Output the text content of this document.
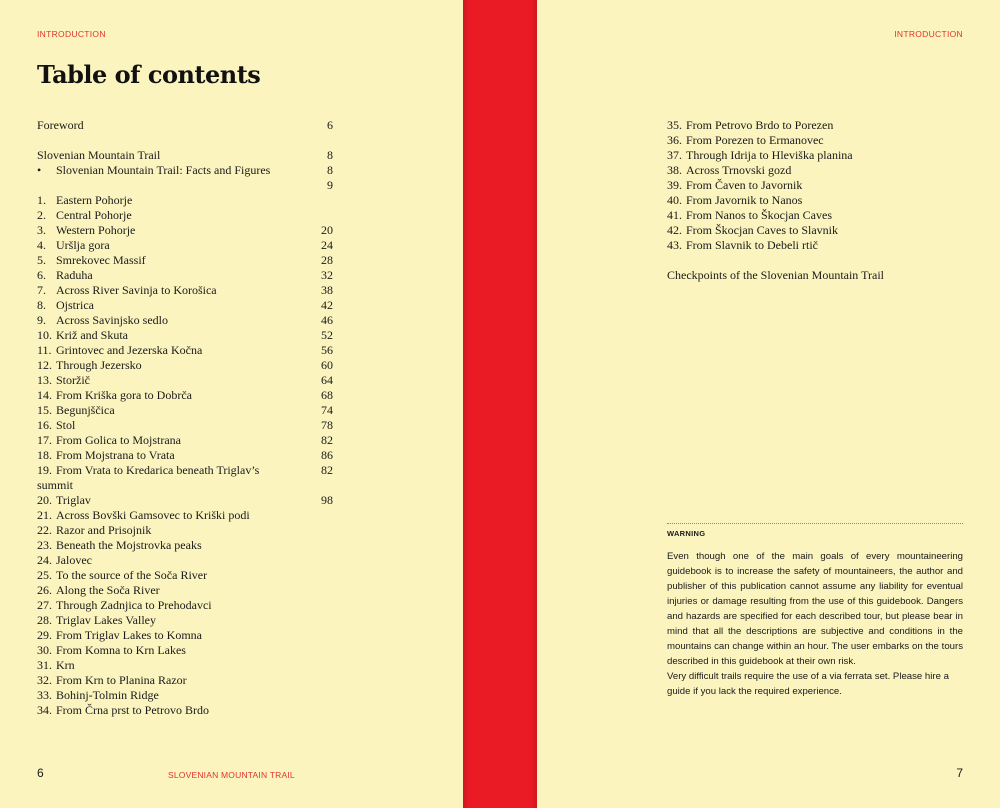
INTRODUCTION
Table of contents
Foreword	6
Slovenian Mountain Trail	8
• Slovenian Mountain Trail: Facts and Figures	8
9
1. Eastern Pohorje
2. Central Pohorje
3. Western Pohorje	20
4. Uršlja gora	24
5. Smrekovec Massif	28
6. Raduha	32
7. Across River Savinja to Korošica	38
8. Ojstrica	42
9. Across Savinjsko sedlo	46
10. Križ and Skuta	52
11. Grintovec and Jezerska Kočna	56
12. Through Jezersko	60
13. Storžič	64
14. From Kriška gora to Dobrča	68
15. Begunjščica	74
16. Stol	78
17. From Golica to Mojstrana	82
18. From Mojstrana to Vrata	86
19. From Vrata to Kredarica beneath Triglav’s	82
summit
20. Triglav	98
21. Across Bovški Gamsovec to Kriški podi
22. Razor and Prisojnik
23. Beneath the Mojstrovka peaks
24. Jalovec
25. To the source of the Soča River
26. Along the Soča River
27. Through Zadnjica to Prehodavci
28. Triglav Lakes Valley
29. From Triglav Lakes to Komna
30. From Komna to Krn Lakes
31. Krn
32. From Krn to Planina Razor
33. Bohinj-Tolmin Ridge
34. From Črna prst to Petrovo Brdo
6	SLOVENIAN MOUNTAIN TRAIL
INTRODUCTION
35. From Petrovo Brdo to Porezen
36. From Porezen to Ermanovec
37. Through Idrija to Hleviška planina
38. Across Trnovski gozd
39. From Čaven to Javornik
40. From Javornik to Nanos
41. From Nanos to Škocjan Caves
42. From Škocjan Caves to Slavnik
43. From Slavnik to Debeli rtič
Checkpoints of the Slovenian Mountain Trail
WARNING

Even though one of the main goals of every mountaineering guidebook is to increase the safety of mountaineers, the author and publisher of this publication cannot assume any liability for eventual injuries or damage resulting from the use of this guidebook. Dangers and hazards are specified for each described tour, but please bear in mind that all the descriptions are subjective and conditions in the mountains can change within an hour. The user embarks on the tours described in this guidebook at their own risk.

Very difficult trails require the use of a via ferrata set. Please hire a guide if you lack the required experience.

7
